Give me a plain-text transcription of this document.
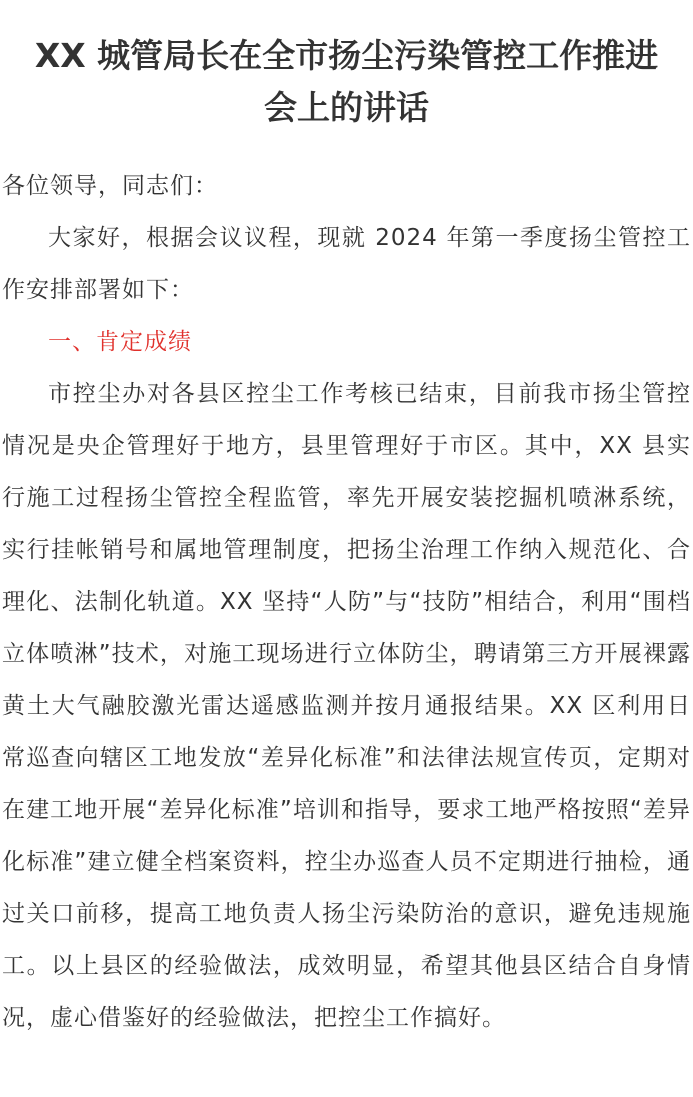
XX 城管局长在全市扬尘污染管控工作推进
会上的讲话

各位领导，同志们：

大家好，根据会议议程，现就 2024 年第一季度扬尘管控工作安排部署如下：

一、肯定成绩

市控尘办对各县区控尘工作考核已结束，目前我市扬尘管控情况是央企管理好于地方，县里管理好于市区。其中，XX 县实行施工过程扬尘管控全程监管，率先开展安装挖掘机喷淋系统，实行挂帐销号和属地管理制度，把扬尘治理工作纳入规范化、合理化、法制化轨道。XX 坚持“人防”与“技防”相结合，利用“围档立体喷淋”技术，对施工现场进行立体防尘，聘请第三方开展裸露黄土大气融胶激光雷达遥感监测并按月通报结果。XX 区利用日常巡查向辖区工地发放“差异化标准”和法律法规宣传页，定期对在建工地开展“差异化标准”培训和指导，要求工地严格按照“差异化标准”建立健全档案资料，控尘办巡查人员不定期进行抽检，通过关口前移，提高工地负责人扬尘污染防治的意识，避免违规施工。以上县区的经验做法，成效明显，希望其他县区结合自身情况，虚心借鉴好的经验做法，把控尘工作搞好。
